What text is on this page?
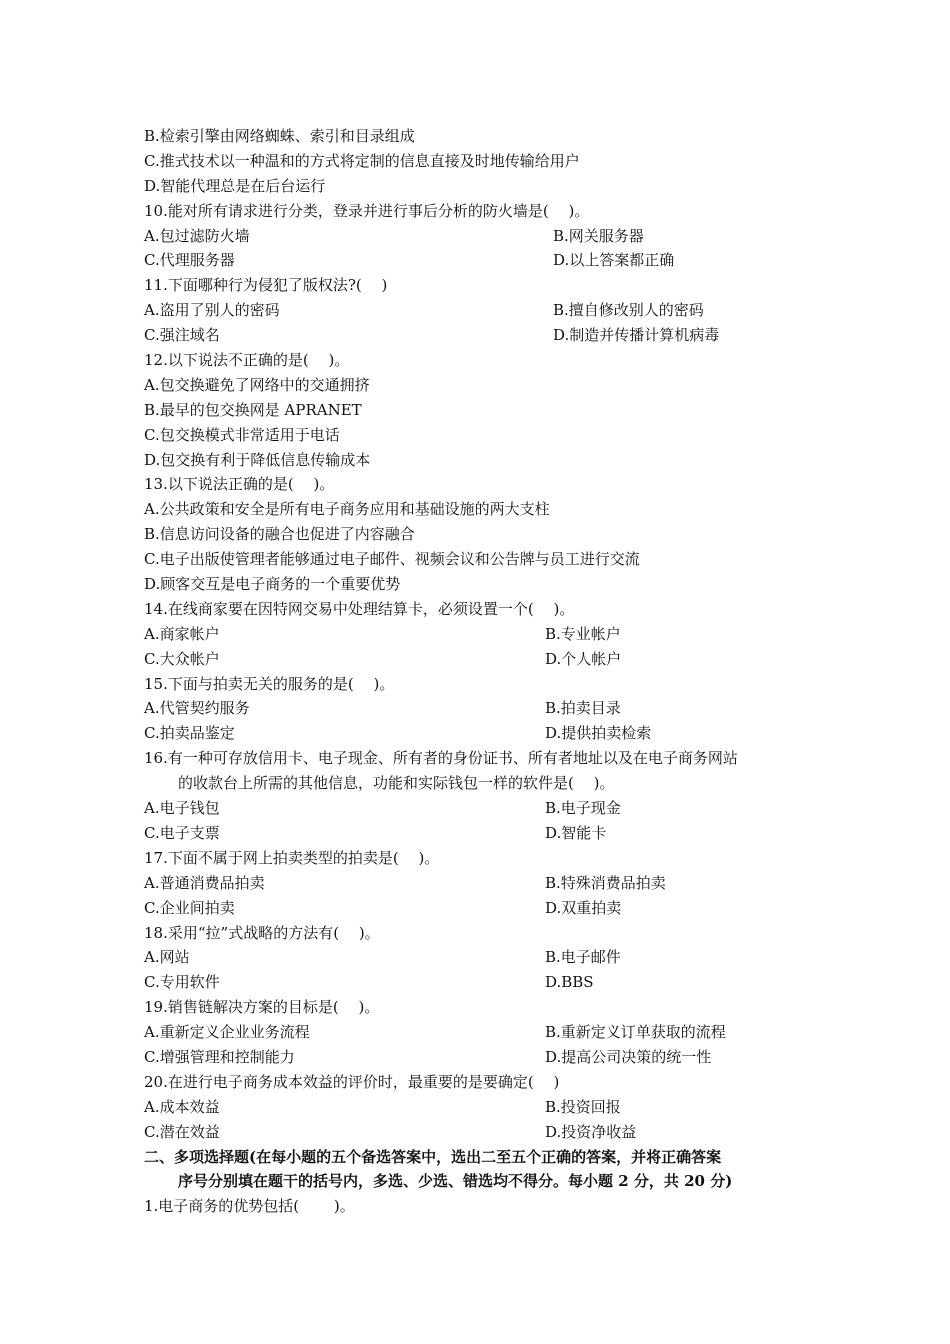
B.检索引擎由网络蜘蛛、索引和目录组成
C.推式技术以一种温和的方式将定制的信息直接及时地传输给用户
D.智能代理总是在后台运行
10.能对所有请求进行分类，登录并进行事后分析的防火墙是(　 )。
A.包过滤防火墙	B.网关服务器
C.代理服务器	D.以上答案都正确
11.下面哪种行为侵犯了版权法?(　 )
A.盗用了别人的密码	B.擅自修改别人的密码
C.强注域名	D.制造并传播计算机病毒
12.以下说法不正确的是(　 )。
A.包交换避免了网络中的交通拥挤
B.最早的包交换网是 APRANET
C.包交换模式非常适用于电话
D.包交换有利于降低信息传输成本
13.以下说法正确的是(　 )。
A.公共政策和安全是所有电子商务应用和基础设施的两大支柱
B.信息访问设备的融合也促进了内容融合
C.电子出版使管理者能够通过电子邮件、视频会议和公告牌与员工进行交流
D.顾客交互是电子商务的一个重要优势
14.在线商家要在因特网交易中处理结算卡，必须设置一个(　 )。
A.商家帐户	B.专业帐户
C.大众帐户	D.个人帐户
15.下面与拍卖无关的服务的是(　 )。
A.代管契约服务	B.拍卖目录
C.拍卖品鉴定	D.提供拍卖检索
16.有一种可存放信用卡、电子现金、所有者的身份证书、所有者地址以及在电子商务网站
的收款台上所需的其他信息，功能和实际钱包一样的软件是(　 )。
A.电子钱包	B.电子现金
C.电子支票	D.智能卡
17.下面不属于网上拍卖类型的拍卖是(　 )。
A.普通消费品拍卖	B.特殊消费品拍卖
C.企业间拍卖	D.双重拍卖
18.采用“拉”式战略的方法有(　 )。
A.网站	B.电子邮件
C.专用软件	D.BBS
19.销售链解决方案的目标是(　 )。
A.重新定义企业业务流程	B.重新定义订单获取的流程
C.增强管理和控制能力	D.提高公司决策的统一性
20.在进行电子商务成本效益的评价时，最重要的是要确定(　 )
A.成本效益	B.投资回报
C.潜在效益	D.投资净收益
二、多项选择题(在每小题的五个备选答案中，选出二至五个正确的答案，并将正确答案
序号分别填在题干的括号内，多选、少选、错选均不得分。每小题 2 分，共 20 分)
1.电子商务的优势包括(　　 )。
